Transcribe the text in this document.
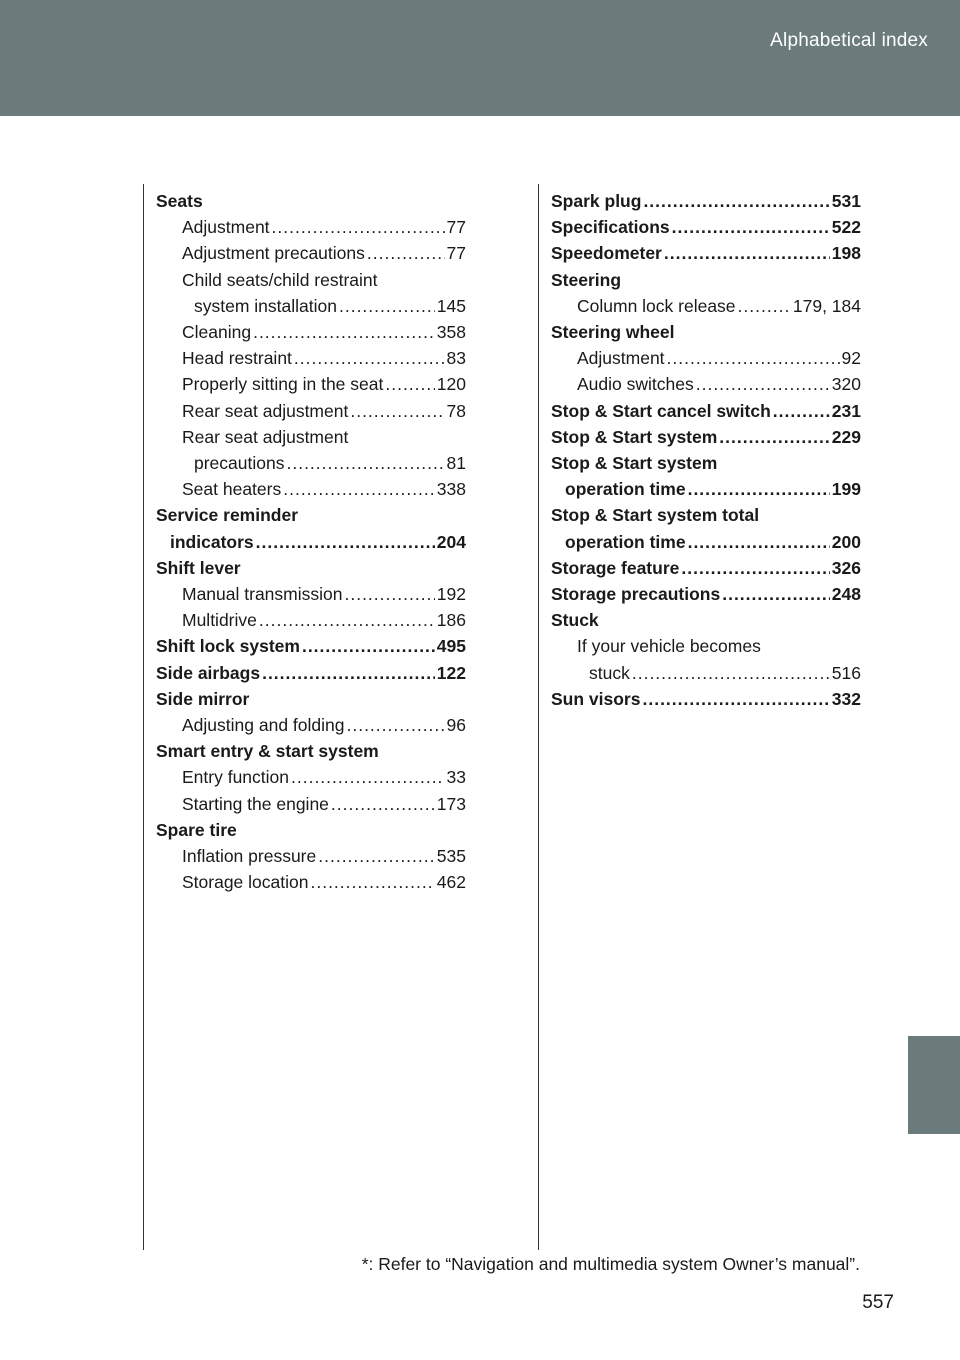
Alphabetical index
Seats
Adjustment .....	77
Adjustment precautions .....	77
Child seats/child restraint
system installation .....	145
Cleaning .....	358
Head restraint .....	83
Properly sitting in the seat .....	120
Rear seat adjustment .....	78
Rear seat adjustment
precautions .....	81
Seat heaters .....	338
Service reminder
indicators .....	204
Shift lever
Manual transmission .....	192
Multidrive .....	186
Shift lock system .....	495
Side airbags .....	122
Side mirror
Adjusting and folding .....	96
Smart entry & start system
Entry function .....	33
Starting the engine .....	173
Spare tire
Inflation pressure .....	535
Storage location .....	462
Spark plug .....	531
Specifications .....	522
Speedometer .....	198
Steering
Column lock release .....	179, 184
Steering wheel
Adjustment .....	92
Audio switches .....	320
Stop & Start cancel switch .....	231
Stop & Start system .....	229
Stop & Start system
operation time .....	199
Stop & Start system total
operation time .....	200
Storage feature .....	326
Storage precautions .....	248
Stuck
If your vehicle becomes
stuck .....	516
Sun visors .....	332
*: Refer to “Navigation and multimedia system Owner’s manual”.
557
